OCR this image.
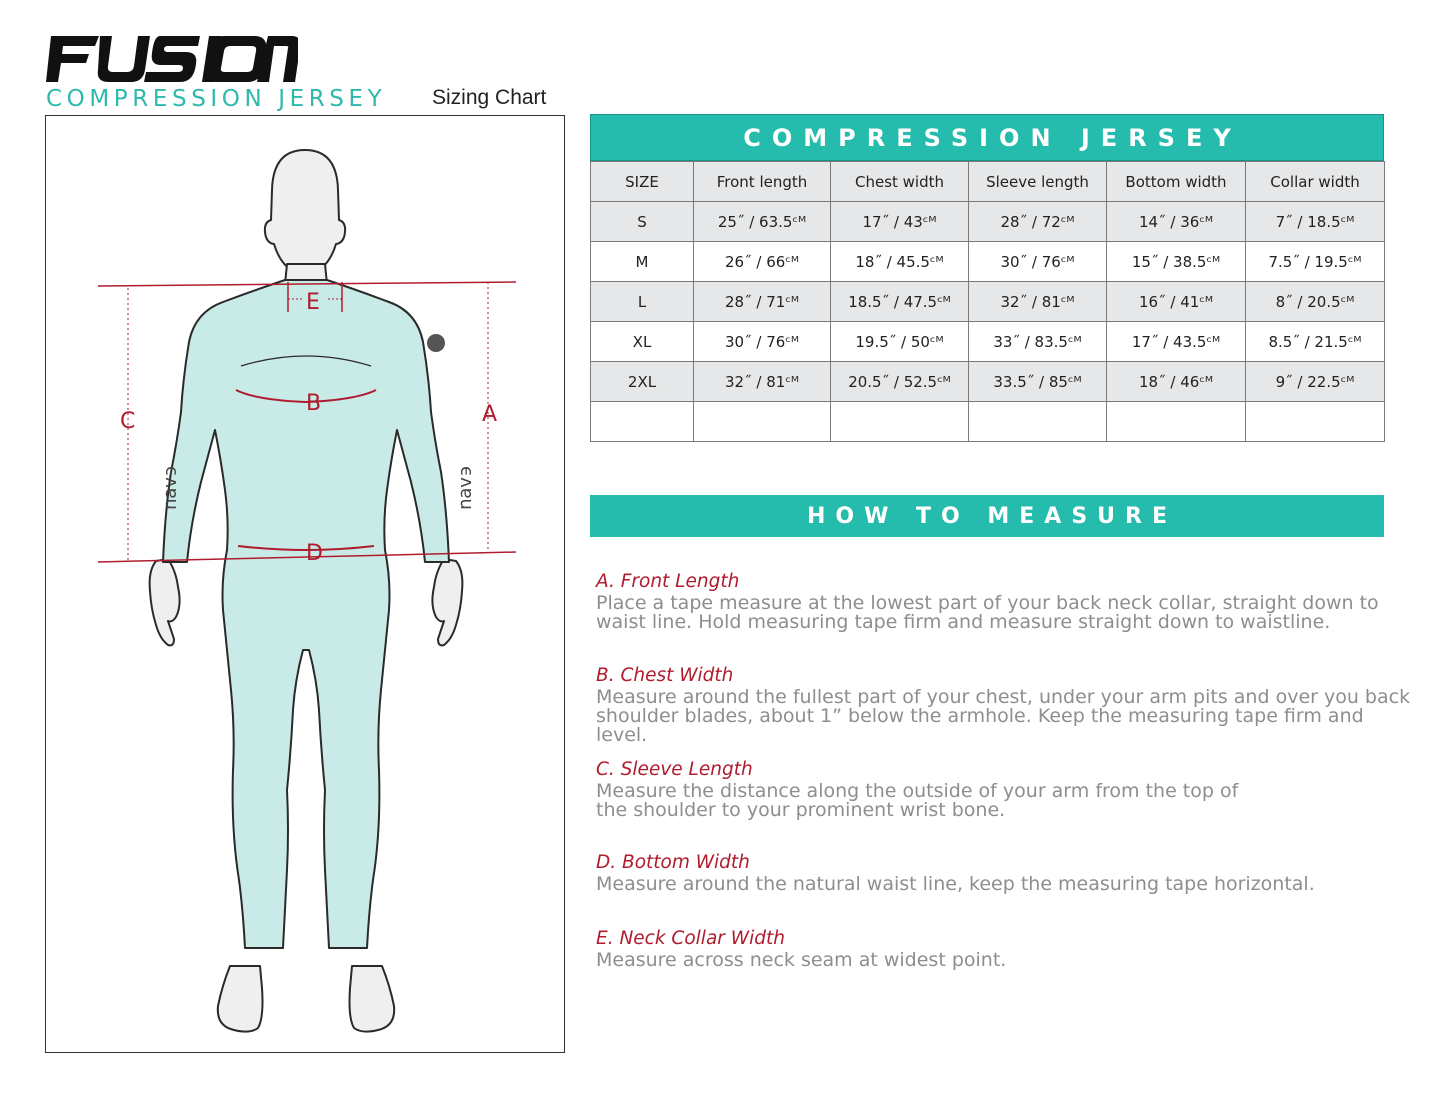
COMPRESSION JERSEY Sizing Chart
ϵʌɐu	ϵʌɐu
E
B
C	A
D
COMPRESSION JERSEY
SIZE	Front length	Chest width	Sleeve length	Bottom width	Collar width
S	25˝ / 63.5ᶜᴹ	17˝ / 43ᶜᴹ	28˝ / 72ᶜᴹ	14˝ / 36ᶜᴹ	7˝ / 18.5ᶜᴹ
M	26˝ / 66ᶜᴹ	18˝ / 45.5ᶜᴹ	30˝ / 76ᶜᴹ	15˝ / 38.5ᶜᴹ	7.5˝ / 19.5ᶜᴹ
L	28˝ / 71ᶜᴹ	18.5˝ / 47.5ᶜᴹ	32˝ / 81ᶜᴹ	16˝ / 41ᶜᴹ	8˝ / 20.5ᶜᴹ
XL	30˝ / 76ᶜᴹ	19.5˝ / 50ᶜᴹ	33˝ / 83.5ᶜᴹ	17˝ / 43.5ᶜᴹ	8.5˝ / 21.5ᶜᴹ
2XL	32˝ / 81ᶜᴹ	20.5˝ / 52.5ᶜᴹ	33.5˝ / 85ᶜᴹ	18˝ / 46ᶜᴹ	9˝ / 22.5ᶜᴹ

HOW TO MEASURE
A. Front Length
Place a tape measure at the lowest part of your back neck collar, straight down to
waist line. Hold measuring tape firm and measure straight down to waistline.
B. Chest Width
Measure around the fullest part of your chest, under your arm pits and over you back
shoulder blades, about 1” below the armhole. Keep the measuring tape firm and level.
C. Sleeve Length
Measure the distance along the outside of your arm from the top of
the shoulder to your prominent wrist bone.
D. Bottom Width
Measure around the natural waist line, keep the measuring tape horizontal.
E. Neck Collar Width
Measure across neck seam at widest point.
